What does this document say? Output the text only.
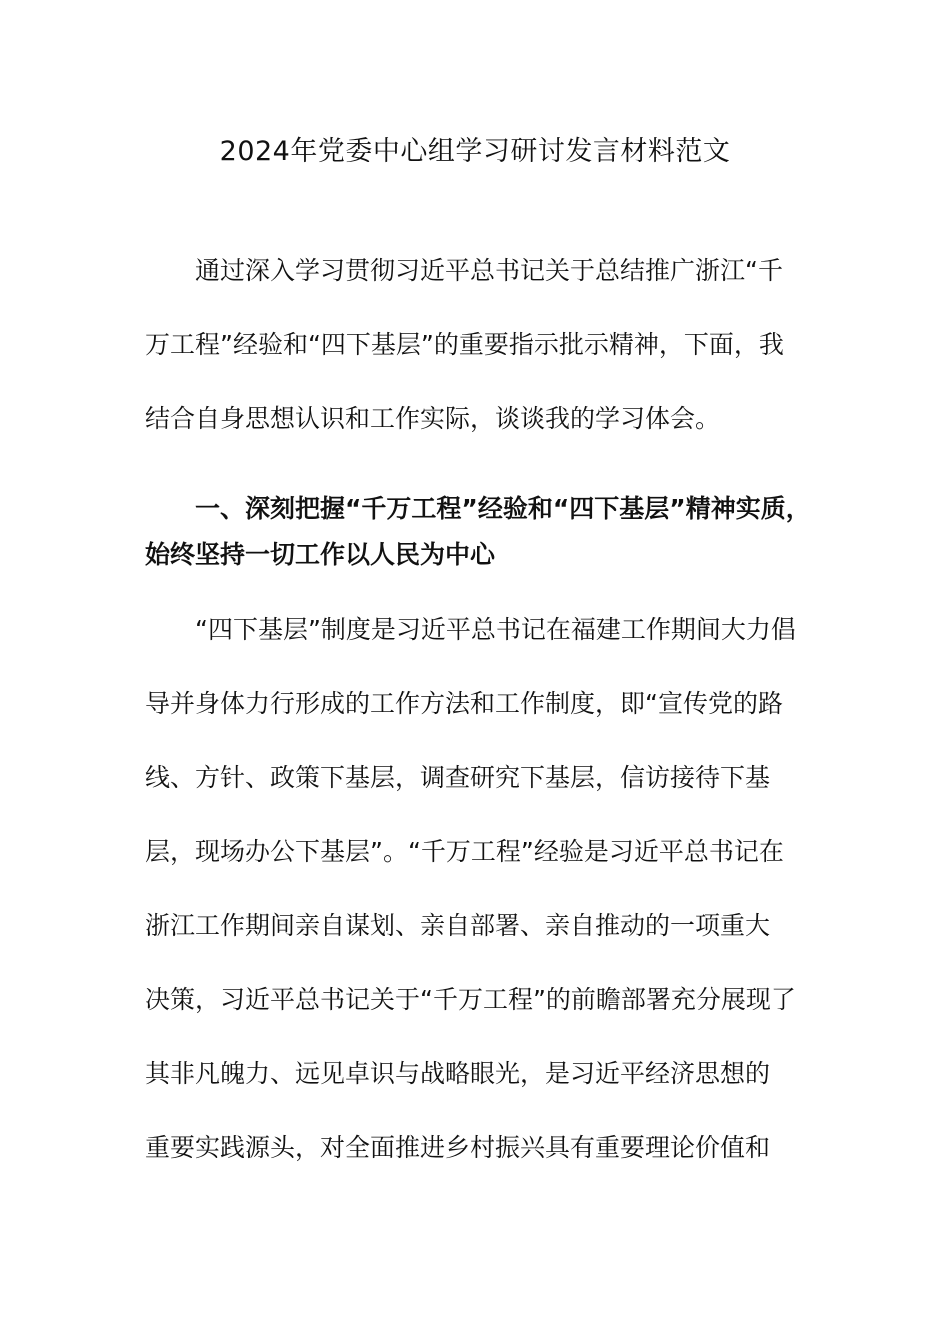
2024年党委中心组学习研讨发言材料范文
通过深入学习贯彻习近平总书记关于总结推广浙江“千
万工程”经验和“四下基层”的重要指示批示精神，下面，我
结合自身思想认识和工作实际，谈谈我的学习体会。
一、深刻把握“千万工程”经验和“四下基层”精神实质，
始终坚持一切工作以人民为中心
“四下基层”制度是习近平总书记在福建工作期间大力倡
导并身体力行形成的工作方法和工作制度，即“宣传党的路
线、方针、政策下基层，调查研究下基层，信访接待下基
层，现场办公下基层”。“千万工程”经验是习近平总书记在
浙江工作期间亲自谋划、亲自部署、亲自推动的一项重大
决策，习近平总书记关于“千万工程”的前瞻部署充分展现了
其非凡魄力、远见卓识与战略眼光，是习近平经济思想的
重要实践源头，对全面推进乡村振兴具有重要理论价值和
